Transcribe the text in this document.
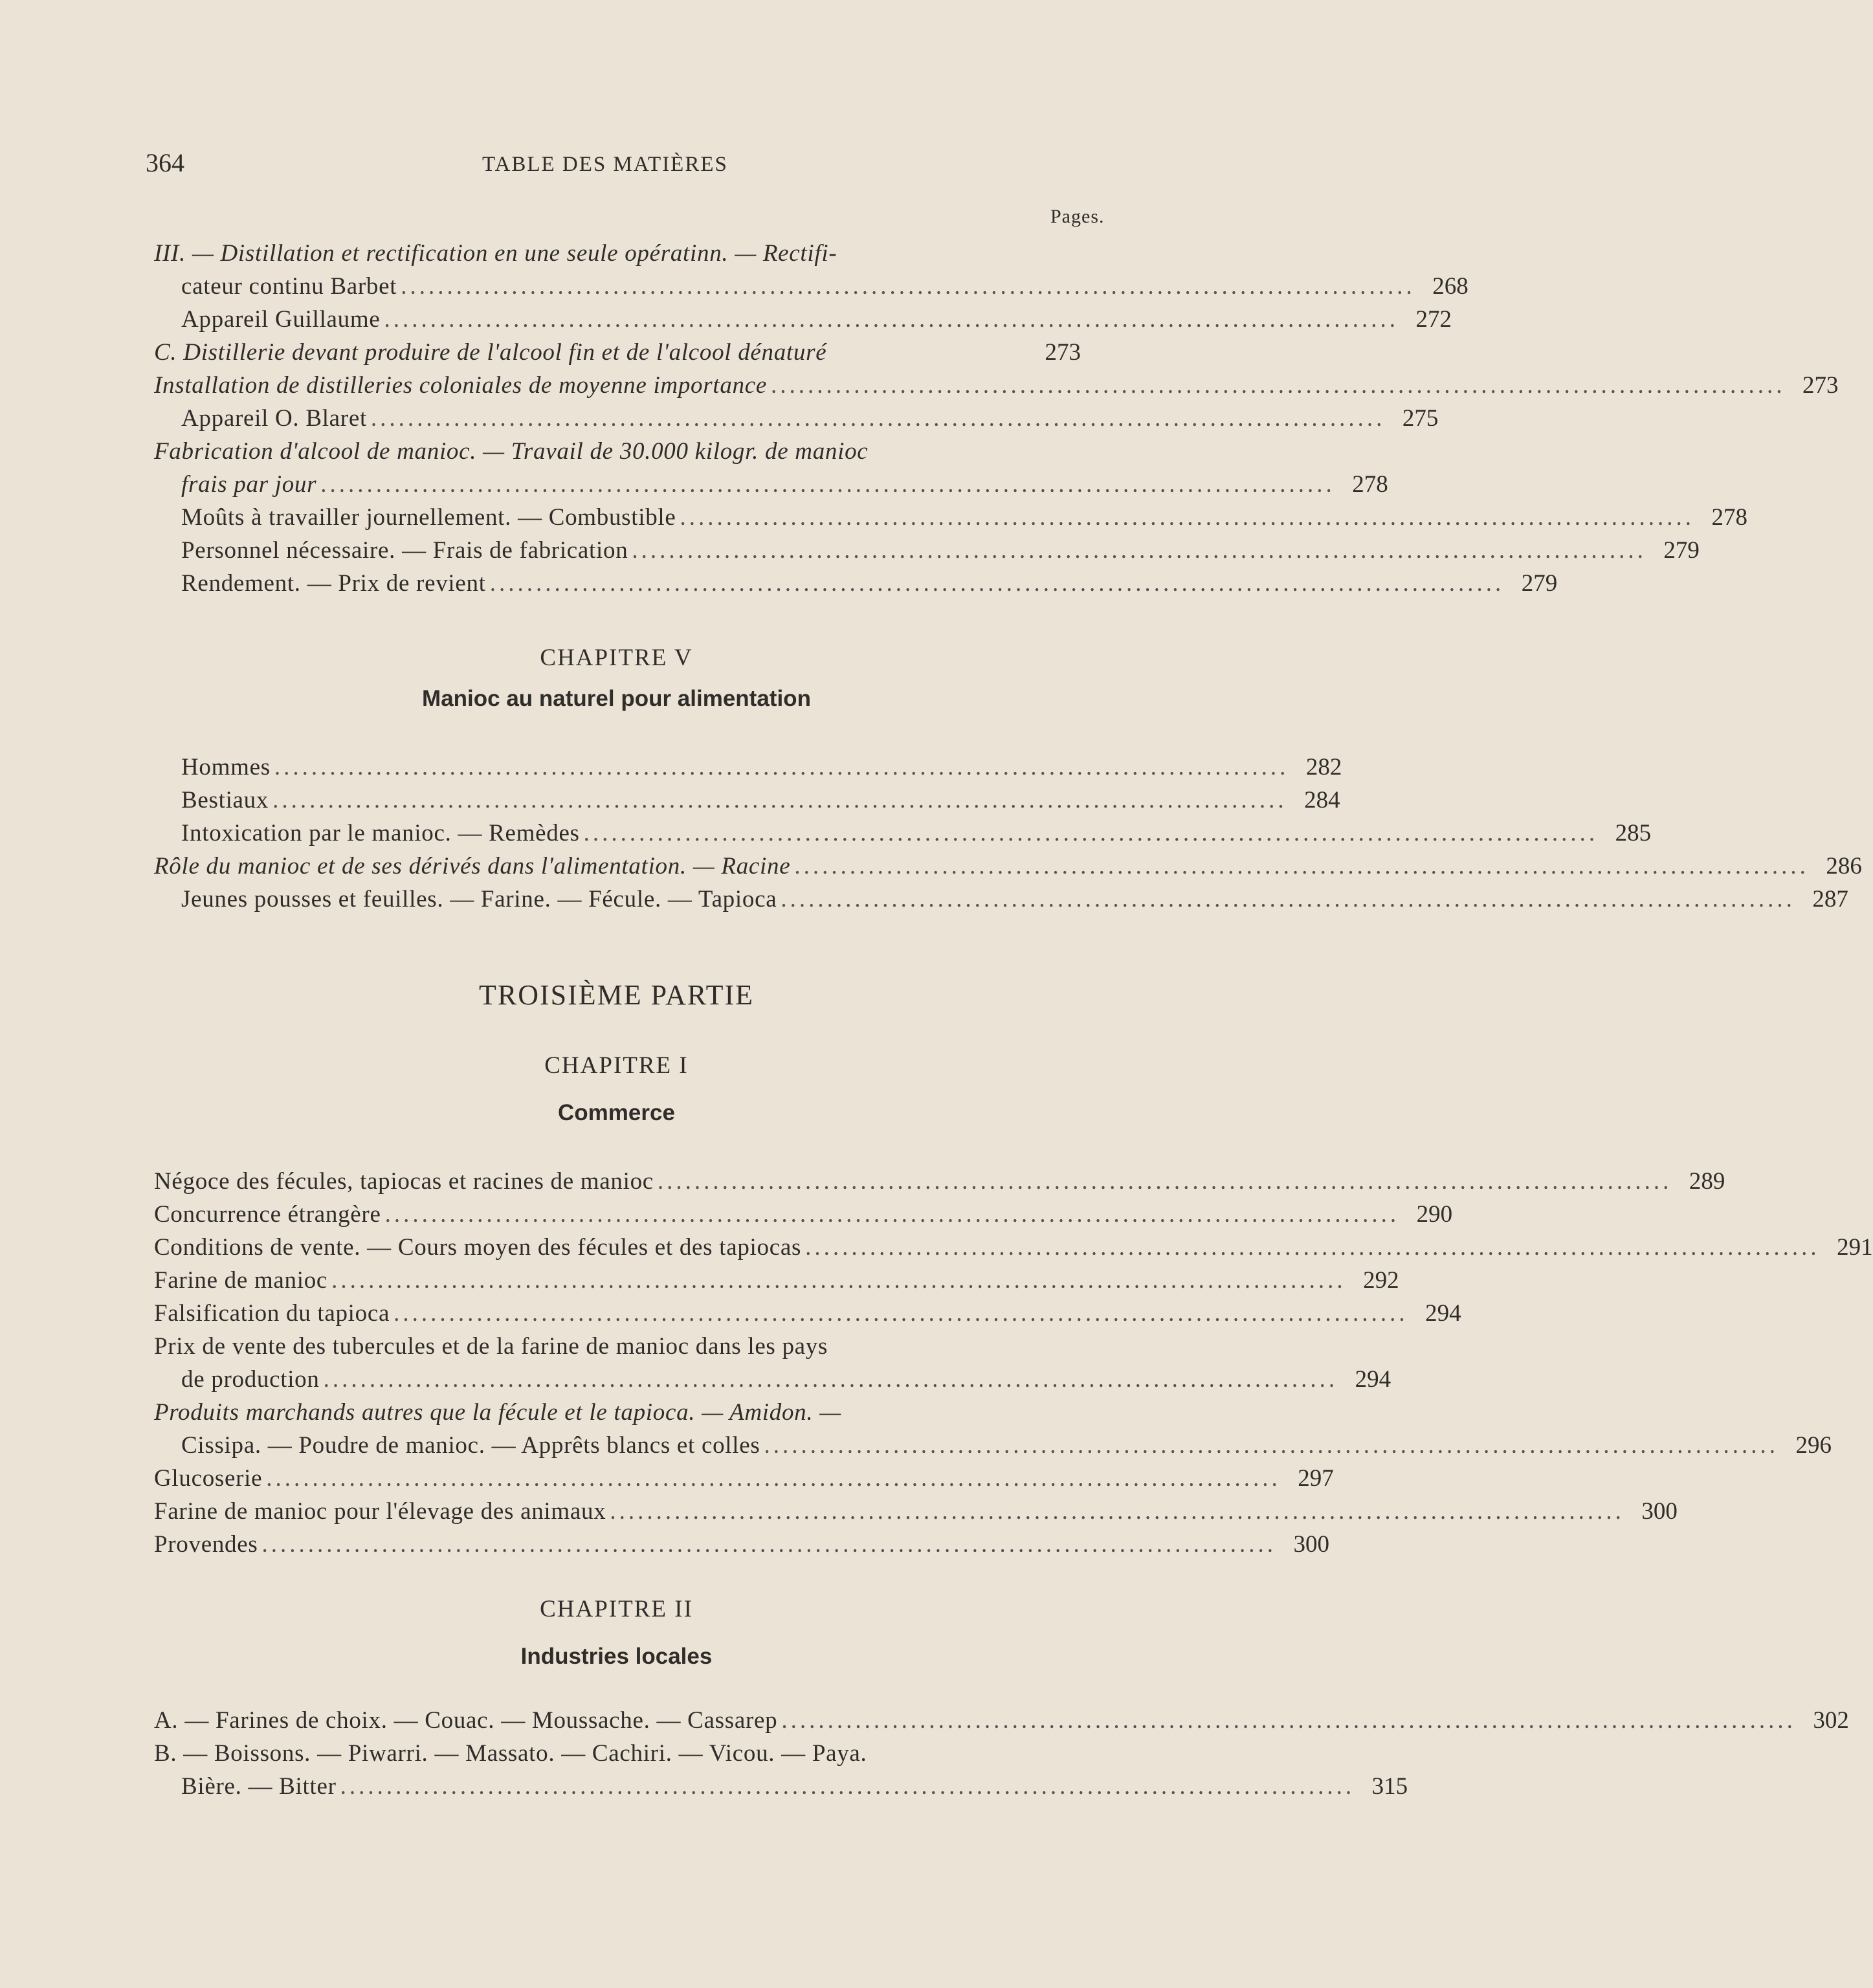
364	TABLE DES MATIÈRES
Pages.
III. — Distillation et rectification en une seule opératinn. — Rectifi-
cateur continu Barbet .............................................................................................................. 268
Appareil Guillaume .............................................................................................................. 272
C. Distillerie devant produire de l'alcool fin et de l'alcool dénaturé	273
Installation de distilleries coloniales de moyenne importance .............................................................................................................. 273
Appareil O. Blaret .............................................................................................................. 275
Fabrication d'alcool de manioc. — Travail de 30.000 kilogr. de manioc
frais par jour .............................................................................................................. 278
Moûts à travailler journellement. — Combustible .............................................................................................................. 278
Personnel nécessaire. — Frais de fabrication .............................................................................................................. 279
Rendement. — Prix de revient .............................................................................................................. 279
CHAPITRE V
Manioc au naturel pour alimentation
Hommes .............................................................................................................. 282
Bestiaux .............................................................................................................. 284
Intoxication par le manioc. — Remèdes .............................................................................................................. 285
Rôle du manioc et de ses dérivés dans l'alimentation. — Racine .............................................................................................................. 286
Jeunes pousses et feuilles. — Farine. — Fécule. — Tapioca .............................................................................................................. 287
TROISIÈME PARTIE
CHAPITRE I
Commerce
Négoce des fécules, tapiocas et racines de manioc .............................................................................................................. 289
Concurrence étrangère .............................................................................................................. 290
Conditions de vente. — Cours moyen des fécules et des tapiocas .............................................................................................................. 291
Farine de manioc .............................................................................................................. 292
Falsification du tapioca .............................................................................................................. 294
Prix de vente des tubercules et de la farine de manioc dans les pays
de production .............................................................................................................. 294
Produits marchands autres que la fécule et le tapioca. — Amidon. —
Cissipa. — Poudre de manioc. — Apprêts blancs et colles .............................................................................................................. 296
Glucoserie .............................................................................................................. 297
Farine de manioc pour l'élevage des animaux .............................................................................................................. 300
Provendes .............................................................................................................. 300
CHAPITRE II
Industries locales
A. — Farines de choix. — Couac. — Moussache. — Cassarep .............................................................................................................. 302
B. — Boissons. — Piwarri. — Massato. — Cachiri. — Vicou. — Paya.
Bière. — Bitter .............................................................................................................. 315
